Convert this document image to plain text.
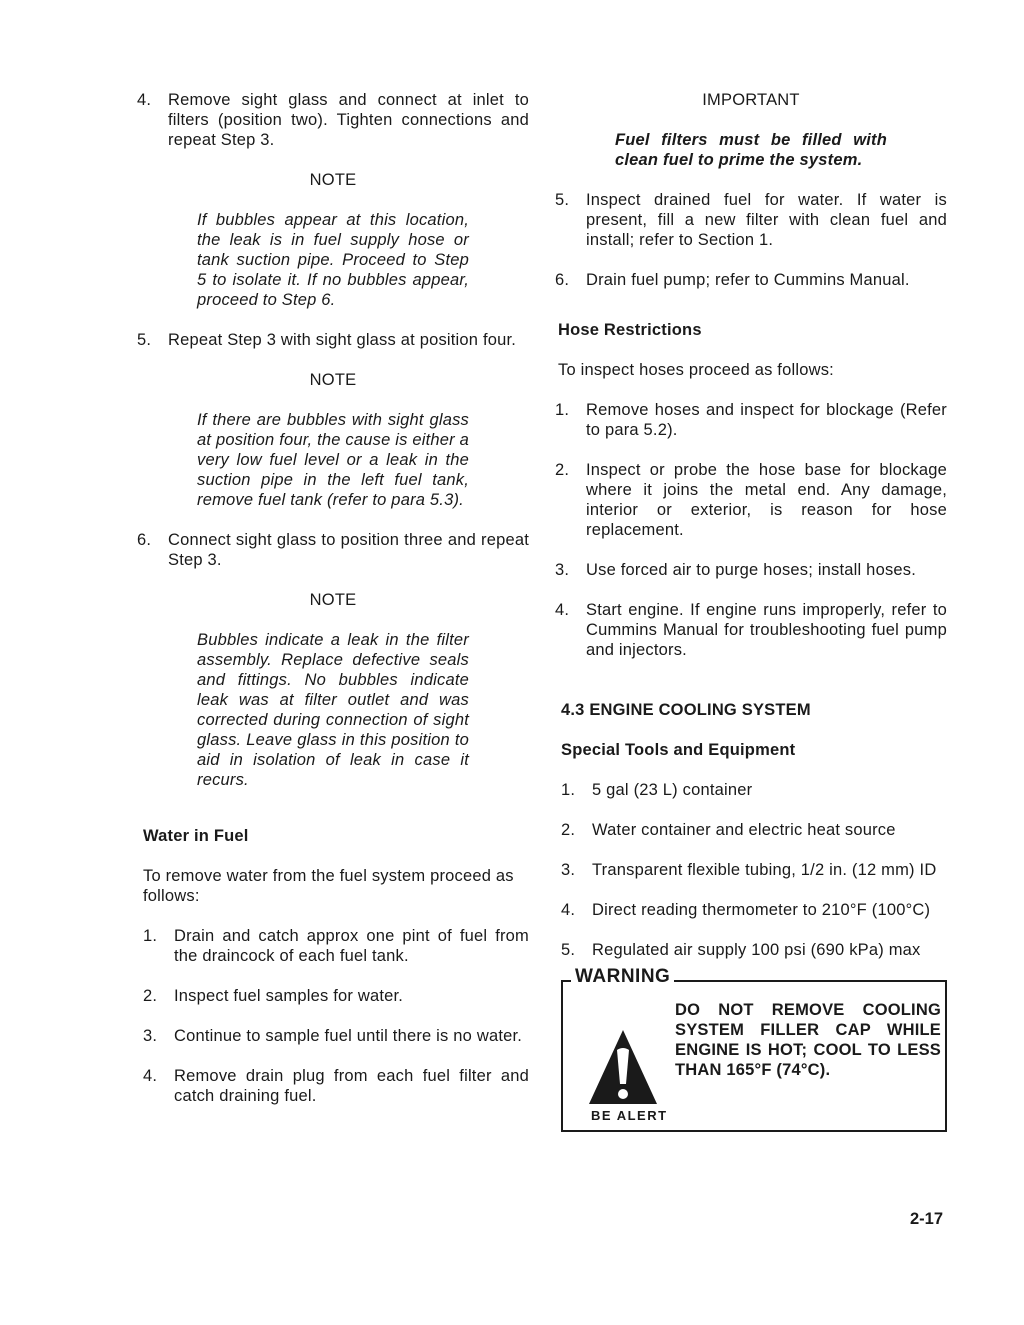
4. Remove sight glass and connect at inlet to filters (position two). Tighten connections and repeat Step 3.
NOTE
If bubbles appear at this location, the leak is in fuel supply hose or tank suction pipe. Proceed to Step 5 to isolate it. If no bubbles appear, proceed to Step 6.
5. Repeat Step 3 with sight glass at position four.
NOTE
If there are bubbles with sight glass at position four, the cause is either a very low fuel level or a leak in the suction pipe in the left fuel tank, remove fuel tank (refer to para 5.3).
6. Connect sight glass to position three and repeat Step 3.
NOTE
Bubbles indicate a leak in the filter assembly. Replace defective seals and fittings. No bubbles indicate leak was at filter outlet and was corrected during connection of sight glass. Leave glass in this position to aid in isolation of leak in case it recurs.
Water in Fuel
To remove water from the fuel system proceed as follows:
1. Drain and catch approx one pint of fuel from the draincock of each fuel tank.
2. Inspect fuel samples for water.
3. Continue to sample fuel until there is no water.
4. Remove drain plug from each fuel filter and catch draining fuel.
IMPORTANT
Fuel filters must be filled with clean fuel to prime the system.
5. Inspect drained fuel for water. If water is present, fill a new filter with clean fuel and install; refer to Section 1.
6. Drain fuel pump; refer to Cummins Manual.
Hose Restrictions
To inspect hoses proceed as follows:
1. Remove hoses and inspect for blockage (Refer to para 5.2).
2. Inspect or probe the hose base for blockage where it joins the metal end. Any damage, interior or exterior, is reason for hose replacement.
3. Use forced air to purge hoses; install hoses.
4. Start engine. If engine runs improperly, refer to Cummins Manual for troubleshooting fuel pump and injectors.
4.3 ENGINE COOLING SYSTEM
Special Tools and Equipment
1. 5 gal (23 L) container
2. Water container and electric heat source
3. Transparent flexible tubing, 1/2 in. (12 mm) ID
4. Direct reading thermometer to 210°F (100°C)
5. Regulated air supply 100 psi (690 kPa) max
WARNING
BE ALERT
DO NOT REMOVE COOLING SYSTEM FILLER CAP WHILE ENGINE IS HOT; COOL TO LESS THAN 165°F (74°C).
2-17
